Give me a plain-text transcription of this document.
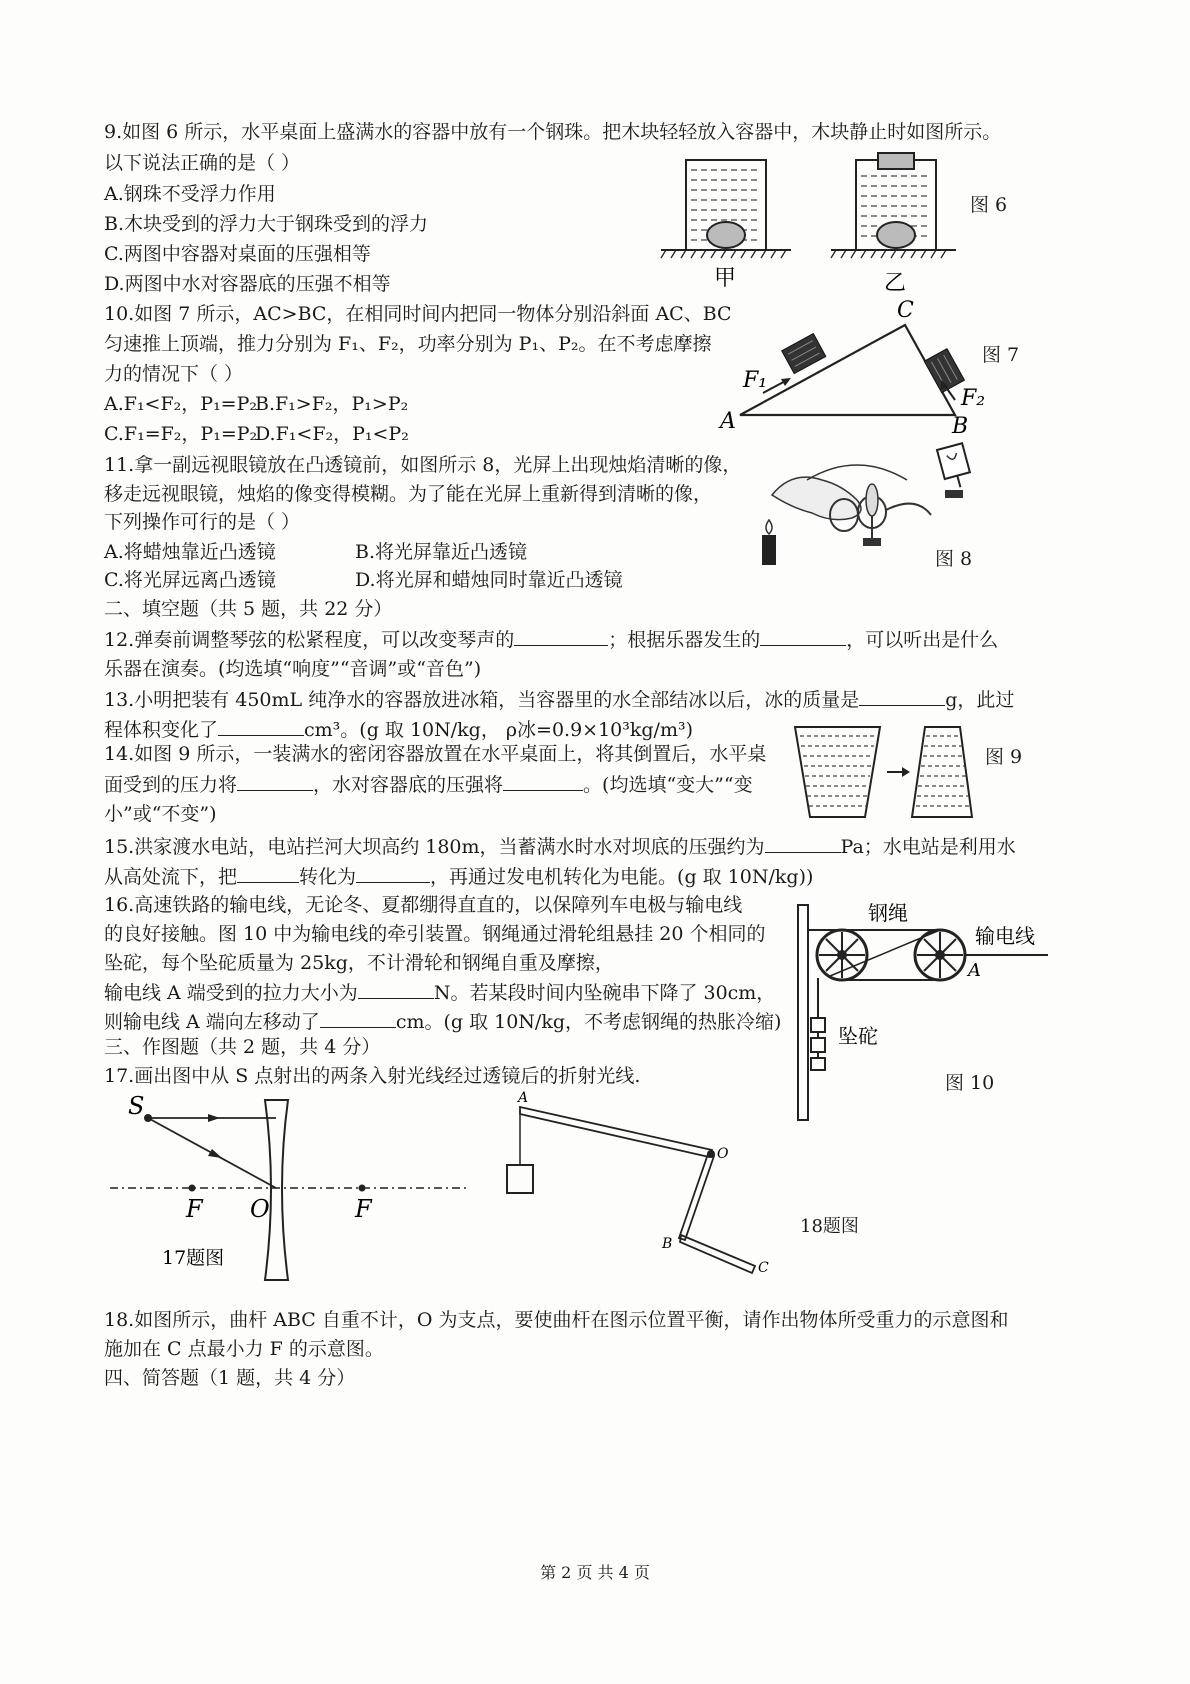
9.如图 6 所示，水平桌面上盛满水的容器中放有一个钢珠。把木块轻轻放入容器中，木块静止时如图所示。
以下说法正确的是（ ）
A.钢珠不受浮力作用
B.木块受到的浮力大于钢珠受到的浮力
C.两图中容器对桌面的压强相等
D.两图中水对容器底的压强不相等	甲	乙
图 6
10.如图 7 所示，AC>BC，在相同时间内把同一物体分别沿斜面 AC、BC
匀速推上顶端，推力分别为 F₁、F₂，功率分别为 P₁、P₂。在不考虑摩擦
力的情况下（ ）
A.F₁<F₂，P₁=P₂
B.F₁>F₂，P₁>P₂
C.F₁=F₂，P₁=P₂
D.F₁<F₂，P₁<P₂	A	B
C
F₁
F₂
图 7
11.拿一副远视眼镜放在凸透镜前，如图所示 8，光屏上出现烛焰清晰的像，
移走远视眼镜，烛焰的像变得模糊。为了能在光屏上重新得到清晰的像，
下列操作可行的是（ ）
A.将蜡烛靠近凸透镜	B.将光屏靠近凸透镜
C.将光屏远离凸透镜	D.将光屏和蜡烛同时靠近凸透镜
图 8
二、填空题（共 5 题，共 22 分）
12.弹奏前调整琴弦的松紧程度，可以改变琴声的	；根据乐器发生的	，可以听出是什么
乐器在演奏。(均选填“响度”“音调”或“音色”)
13.小明把装有 450mL 纯净水的容器放进冰箱，当容器里的水全部结冰以后，冰的质量是	g，此过
程体积变化了	cm³。(g 取 10N/kg， ρ冰=0.9×10³kg/m³)
14.如图 9 所示，一装满水的密闭容器放置在水平桌面上，将其倒置后，水平桌
面受到的压力将	，水对容器底的压强将	。(均选填“变大”“变
小”或“不变”)
图 9
15.洪家渡水电站，电站拦河大坝高约 180m，当蓄满水时水对坝底的压强约为	Pa；水电站是利用水
从高处流下，把	转化为	，再通过发电机转化为电能。(g 取 10N/kg))
16.高速铁路的输电线，无论冬、夏都绷得直直的，以保障列车电极与输电线
的良好接触。图 10 中为输电线的牵引装置。钢绳通过滑轮组悬挂 20 个相同的
坠砣，每个坠砣质量为 25kg，不计滑轮和钢绳自重及摩擦，
输电线 A 端受到的拉力大小为	N。若某段时间内坠碗串下降了 30cm，
则输电线 A 端向左移动了	cm。(g 取 10N/kg，不考虑钢绳的热胀冷缩)
钢绳
输电线
坠砣
A
图 10
三、作图题（共 2 题，共 4 分）
17.画出图中从 S 点射出的两条入射光线经过透镜后的折射光线.
S
F O	F
17题图
A
O
B
C
18题图
18.如图所示，曲杆 ABC 自重不计，O 为支点，要使曲杆在图示位置平衡，请作出物体所受重力的示意图和
施加在 C 点最小力 F 的示意图。
四、简答题（1 题，共 4 分）
第 2 页 共 4 页
